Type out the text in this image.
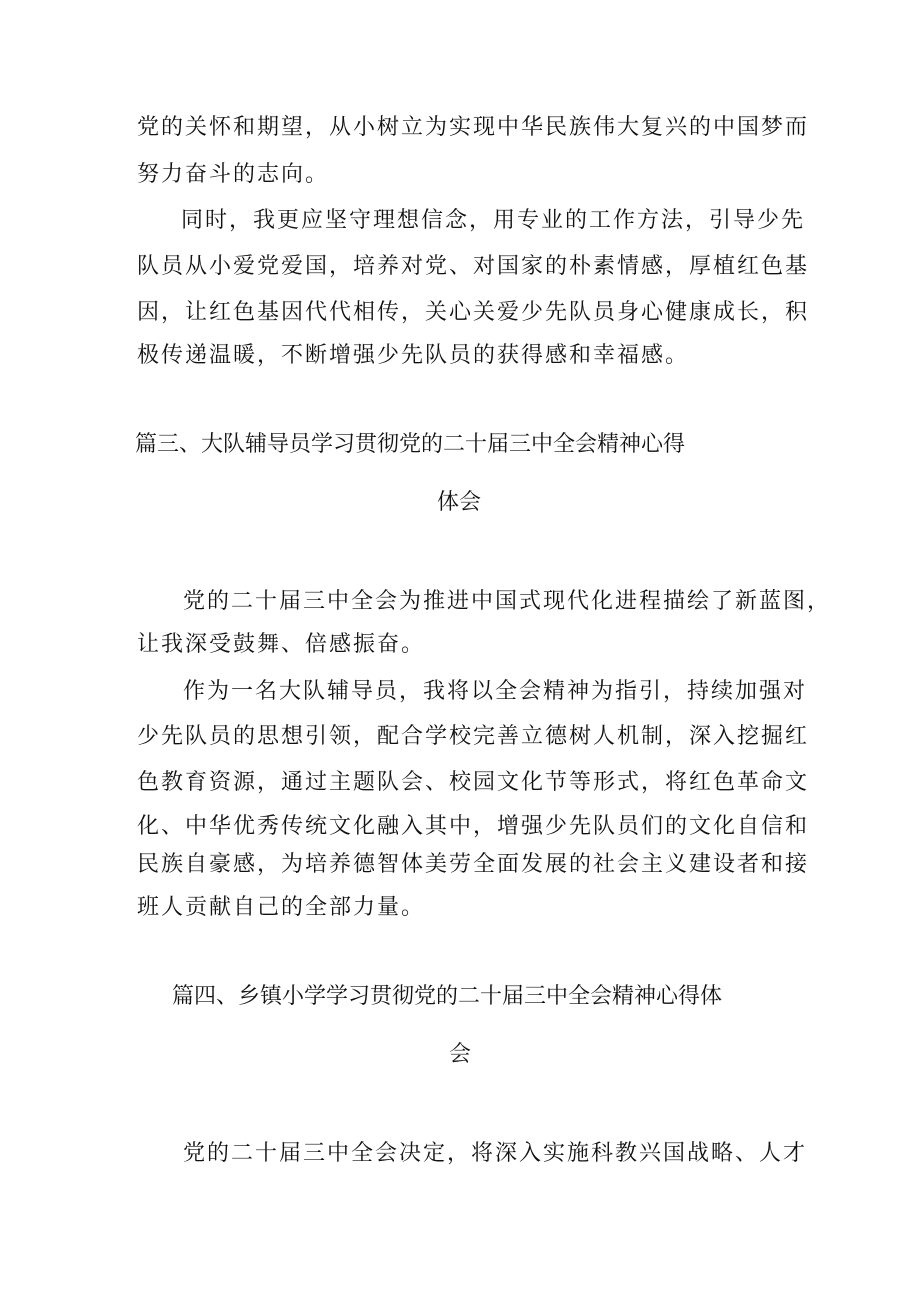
党的关怀和期望，从小树立为实现中华民族伟大复兴的中国梦而
努力奋斗的志向。
同时，我更应坚守理想信念，用专业的工作方法，引导少先
队员从小爱党爱国，培养对党、对国家的朴素情感，厚植红色基
因，让红色基因代代相传，关心关爱少先队员身心健康成长，积
极传递温暖，不断增强少先队员的获得感和幸福感。
篇三、大队辅导员学习贯彻党的二十届三中全会精神心得
体会
党的二十届三中全会为推进中国式现代化进程描绘了新蓝图，
让我深受鼓舞、倍感振奋。
作为一名大队辅导员，我将以全会精神为指引，持续加强对
少先队员的思想引领，配合学校完善立德树人机制，深入挖掘红
色教育资源，通过主题队会、校园文化节等形式，将红色革命文
化、中华优秀传统文化融入其中，增强少先队员们的文化自信和
民族自豪感，为培养德智体美劳全面发展的社会主义建设者和接
班人贡献自己的全部力量。
篇四、乡镇小学学习贯彻党的二十届三中全会精神心得体
会
党的二十届三中全会决定，将深入实施科教兴国战略、人才
